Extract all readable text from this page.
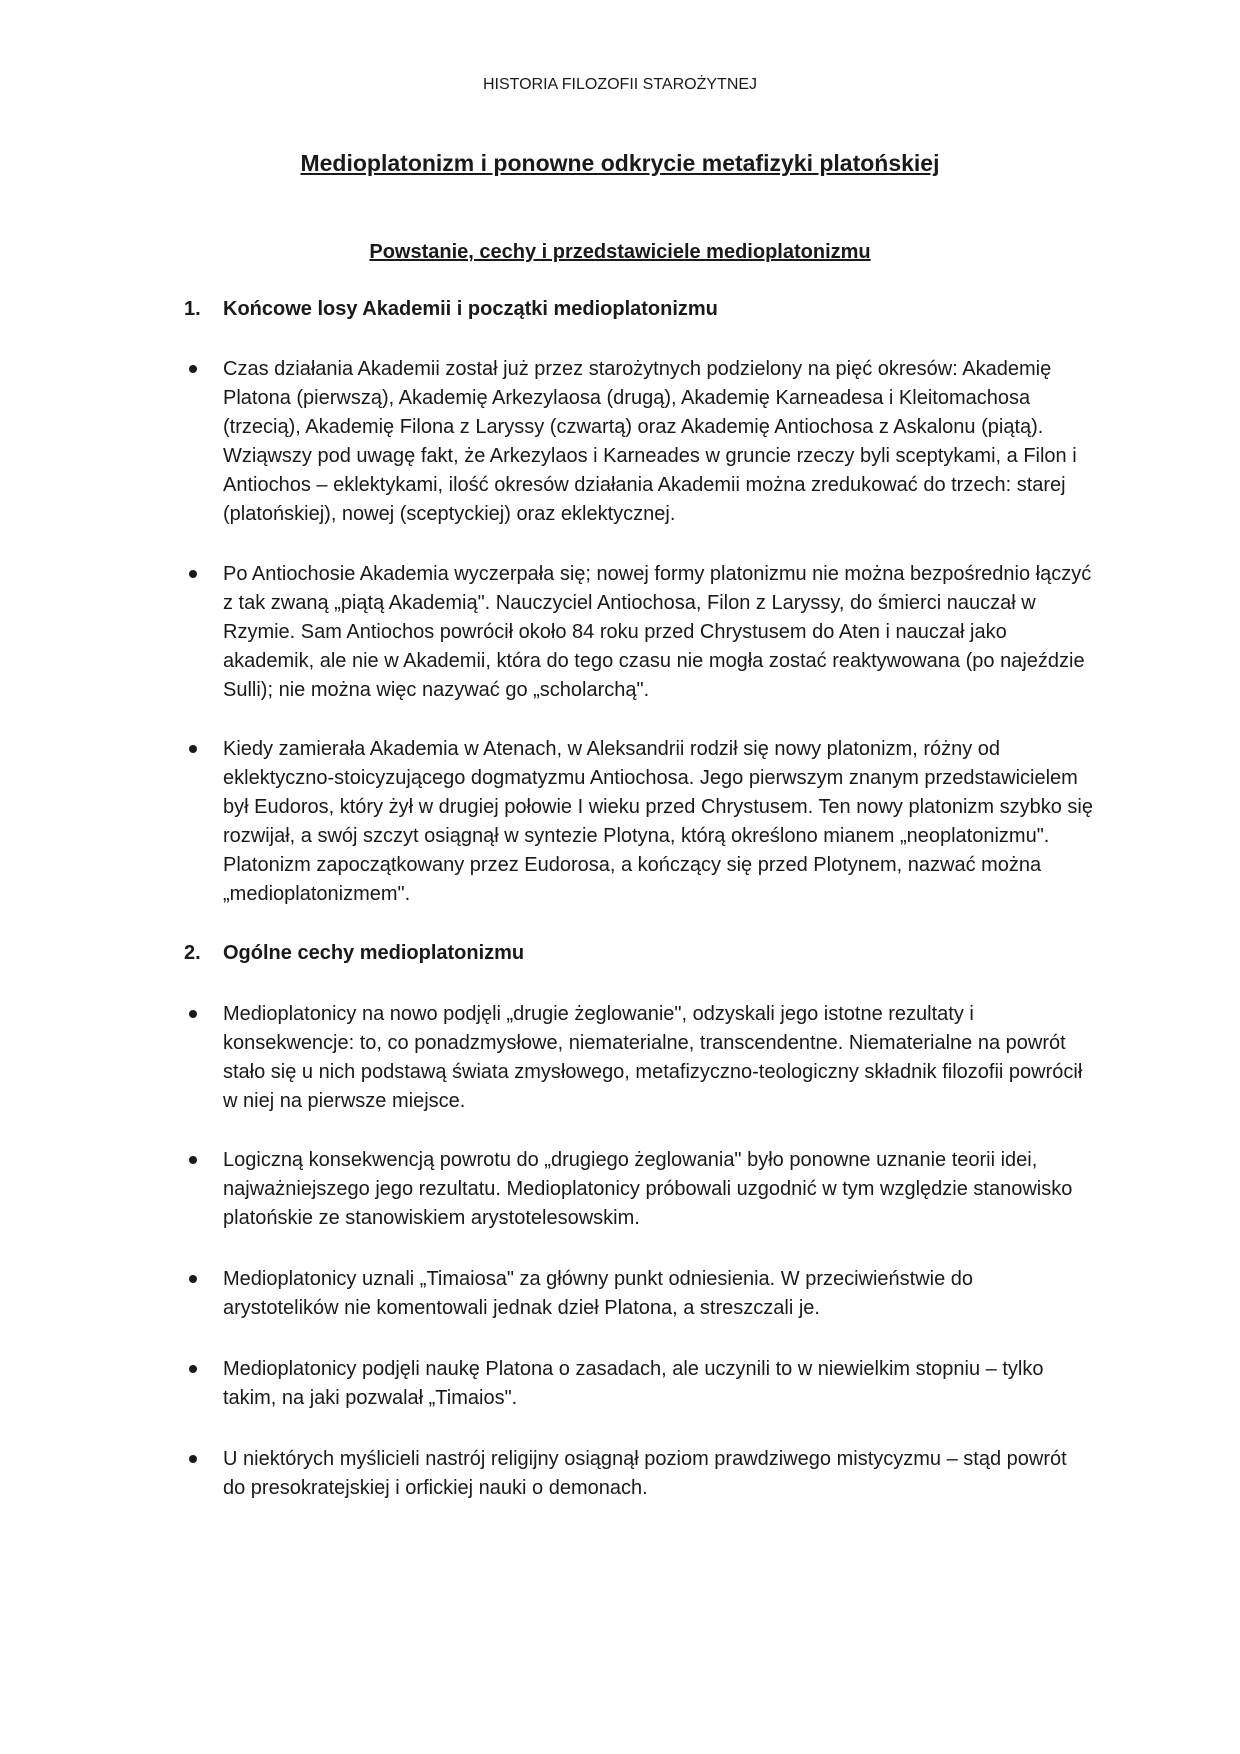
HISTORIA FILOZOFII STAROŻYTNEJ
Medioplatonizm i ponowne odkrycie metafizyki platońskiej
Powstanie, cechy i przedstawiciele medioplatonizmu
1. Końcowe losy Akademii i początki medioplatonizmu
Czas działania Akademii został już przez starożytnych podzielony na pięć okresów: Akademię Platona (pierwszą), Akademię Arkezylaosa (drugą), Akademię Karneadesa i Kleitomachosa (trzecią), Akademię Filona z Laryssy (czwartą) oraz Akademię Antiochosa z Askalonu (piątą). Wziąwszy pod uwagę fakt, że Arkezylaos i Karneades w gruncie rzeczy byli sceptykami, a Filon i Antiochos – eklektykami, ilość okresów działania Akademii można zredukować do trzech: starej (platońskiej), nowej (sceptyckiej) oraz eklektycznej.
Po Antiochosie Akademia wyczerpała się; nowej formy platonizmu nie można bezpośrednio łączyć z tak zwaną „piątą Akademią". Nauczyciel Antiochosa, Filon z Laryssy, do śmierci nauczał w Rzymie. Sam Antiochos powrócił około 84 roku przed Chrystusem do Aten i nauczał jako akademik, ale nie w Akademii, która do tego czasu nie mogła zostać reaktywowana (po najeździe Sulli); nie można więc nazywać go „scholarchą".
Kiedy zamierała Akademia w Atenach, w Aleksandrii rodził się nowy platonizm, różny od eklektyczno-stoicyzującego dogmatyzmu Antiochosa. Jego pierwszym znanym przedstawicielem był Eudoros, który żył w drugiej połowie I wieku przed Chrystusem. Ten nowy platonizm szybko się rozwijał, a swój szczyt osiągnął w syntezie Plotyna, którą określono mianem „neoplatonizmu". Platonizm zapoczątkowany przez Eudorosa, a kończący się przed Plotynem, nazwać można „medioplatonizmem".
2. Ogólne cechy medioplatonizmu
Medioplatonicy na nowo podjęli „drugie żeglowanie", odzyskali jego istotne rezultaty i konsekwencje: to, co ponadzmysłowe, niematerialne, transcendentne. Niematerialne na powrót stało się u nich podstawą świata zmysłowego, metafizyczno-teologiczny składnik filozofii powrócił w niej na pierwsze miejsce.
Logiczną konsekwencją powrotu do „drugiego żeglowania" było ponowne uznanie teorii idei, najważniejszego jego rezultatu. Medioplatonicy próbowali uzgodnić w tym względzie stanowisko platońskie ze stanowiskiem arystotelesowskim.
Medioplatonicy uznali „Timaiosa" za główny punkt odniesienia. W przeciwieństwie do arystotelików nie komentowali jednak dzieł Platona, a streszczali je.
Medioplatonicy podjęli naukę Platona o zasadach, ale uczynili to w niewielkim stopniu – tylko takim, na jaki pozwalał „Timaios".
U niektórych myślicieli nastrój religijny osiągnął poziom prawdziwego mistycyzmu – stąd powrót do presokratejskiej i orfickiej nauki o demonach.
